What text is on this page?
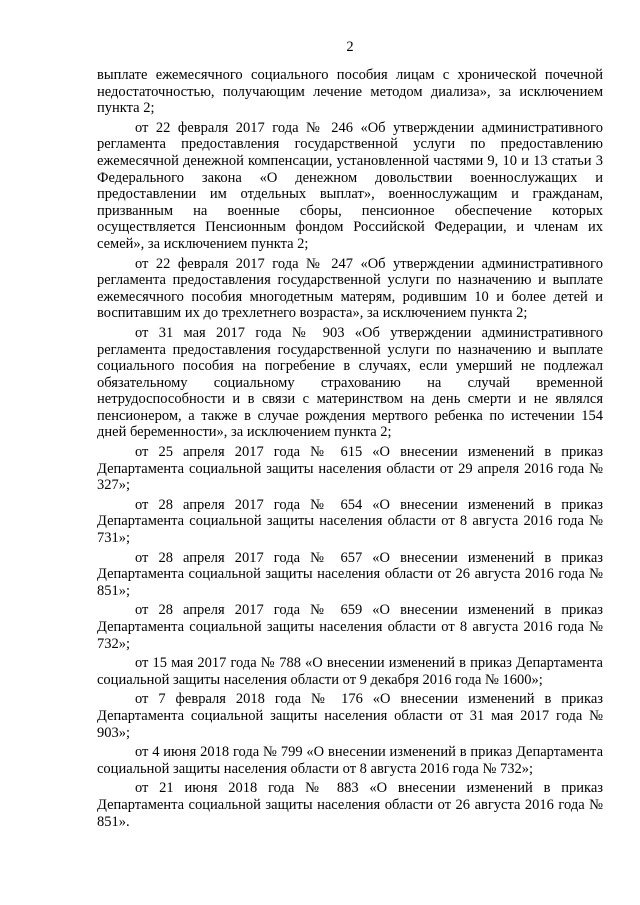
2

выплате ежемесячного социального пособия лицам с хронической почечной недостаточностью, получающим лечение методом диализа», за исключением пункта 2;

от 22 февраля 2017 года № 246 «Об утверждении административного регламента предоставления государственной услуги по предоставлению ежемесячной денежной компенсации, установленной частями 9, 10 и 13 статьи 3 Федерального закона «О денежном довольствии военнослужащих и предоставлении им отдельных выплат», военнослужащим и гражданам, призванным на военные сборы, пенсионное обеспечение которых осуществляется Пенсионным фондом Российской Федерации, и членам их семей», за исключением пункта 2;

от 22 февраля 2017 года № 247 «Об утверждении административного регламента предоставления государственной услуги по назначению и выплате ежемесячного пособия многодетным матерям, родившим 10 и более детей и воспитавшим их до трехлетнего возраста», за исключением пункта 2;

от 31 мая 2017 года № 903 «Об утверждении административного регламента предоставления государственной услуги по назначению и выплате социального пособия на погребение в случаях, если умерший не подлежал обязательному социальному страхованию на случай временной нетрудоспособности и в связи с материнством на день смерти и не являлся пенсионером, а также в случае рождения мертвого ребенка по истечении 154 дней беременности», за исключением пункта 2;

от 25 апреля 2017 года № 615 «О внесении изменений в приказ Департамента социальной защиты населения области от 29 апреля 2016 года № 327»;

от 28 апреля 2017 года № 654 «О внесении изменений в приказ Департамента социальной защиты населения области от 8 августа 2016 года № 731»;

от 28 апреля 2017 года № 657 «О внесении изменений в приказ Департамента социальной защиты населения области от 26 августа 2016 года № 851»;

от 28 апреля 2017 года № 659 «О внесении изменений в приказ Департамента социальной защиты населения области от 8 августа 2016 года № 732»;

от 15 мая 2017 года № 788 «О внесении изменений в приказ Департамента социальной защиты населения области от 9 декабря 2016 года № 1600»;

от 7 февраля 2018 года № 176 «О внесении изменений в приказ Департамента социальной защиты населения области от 31 мая 2017 года № 903»;

от 4 июня 2018 года № 799 «О внесении изменений в приказ Департамента социальной защиты населения области от 8 августа 2016 года № 732»;

от 21 июня 2018 года № 883 «О внесении изменений в приказ Департамента социальной защиты населения области от 26 августа 2016 года № 851».
